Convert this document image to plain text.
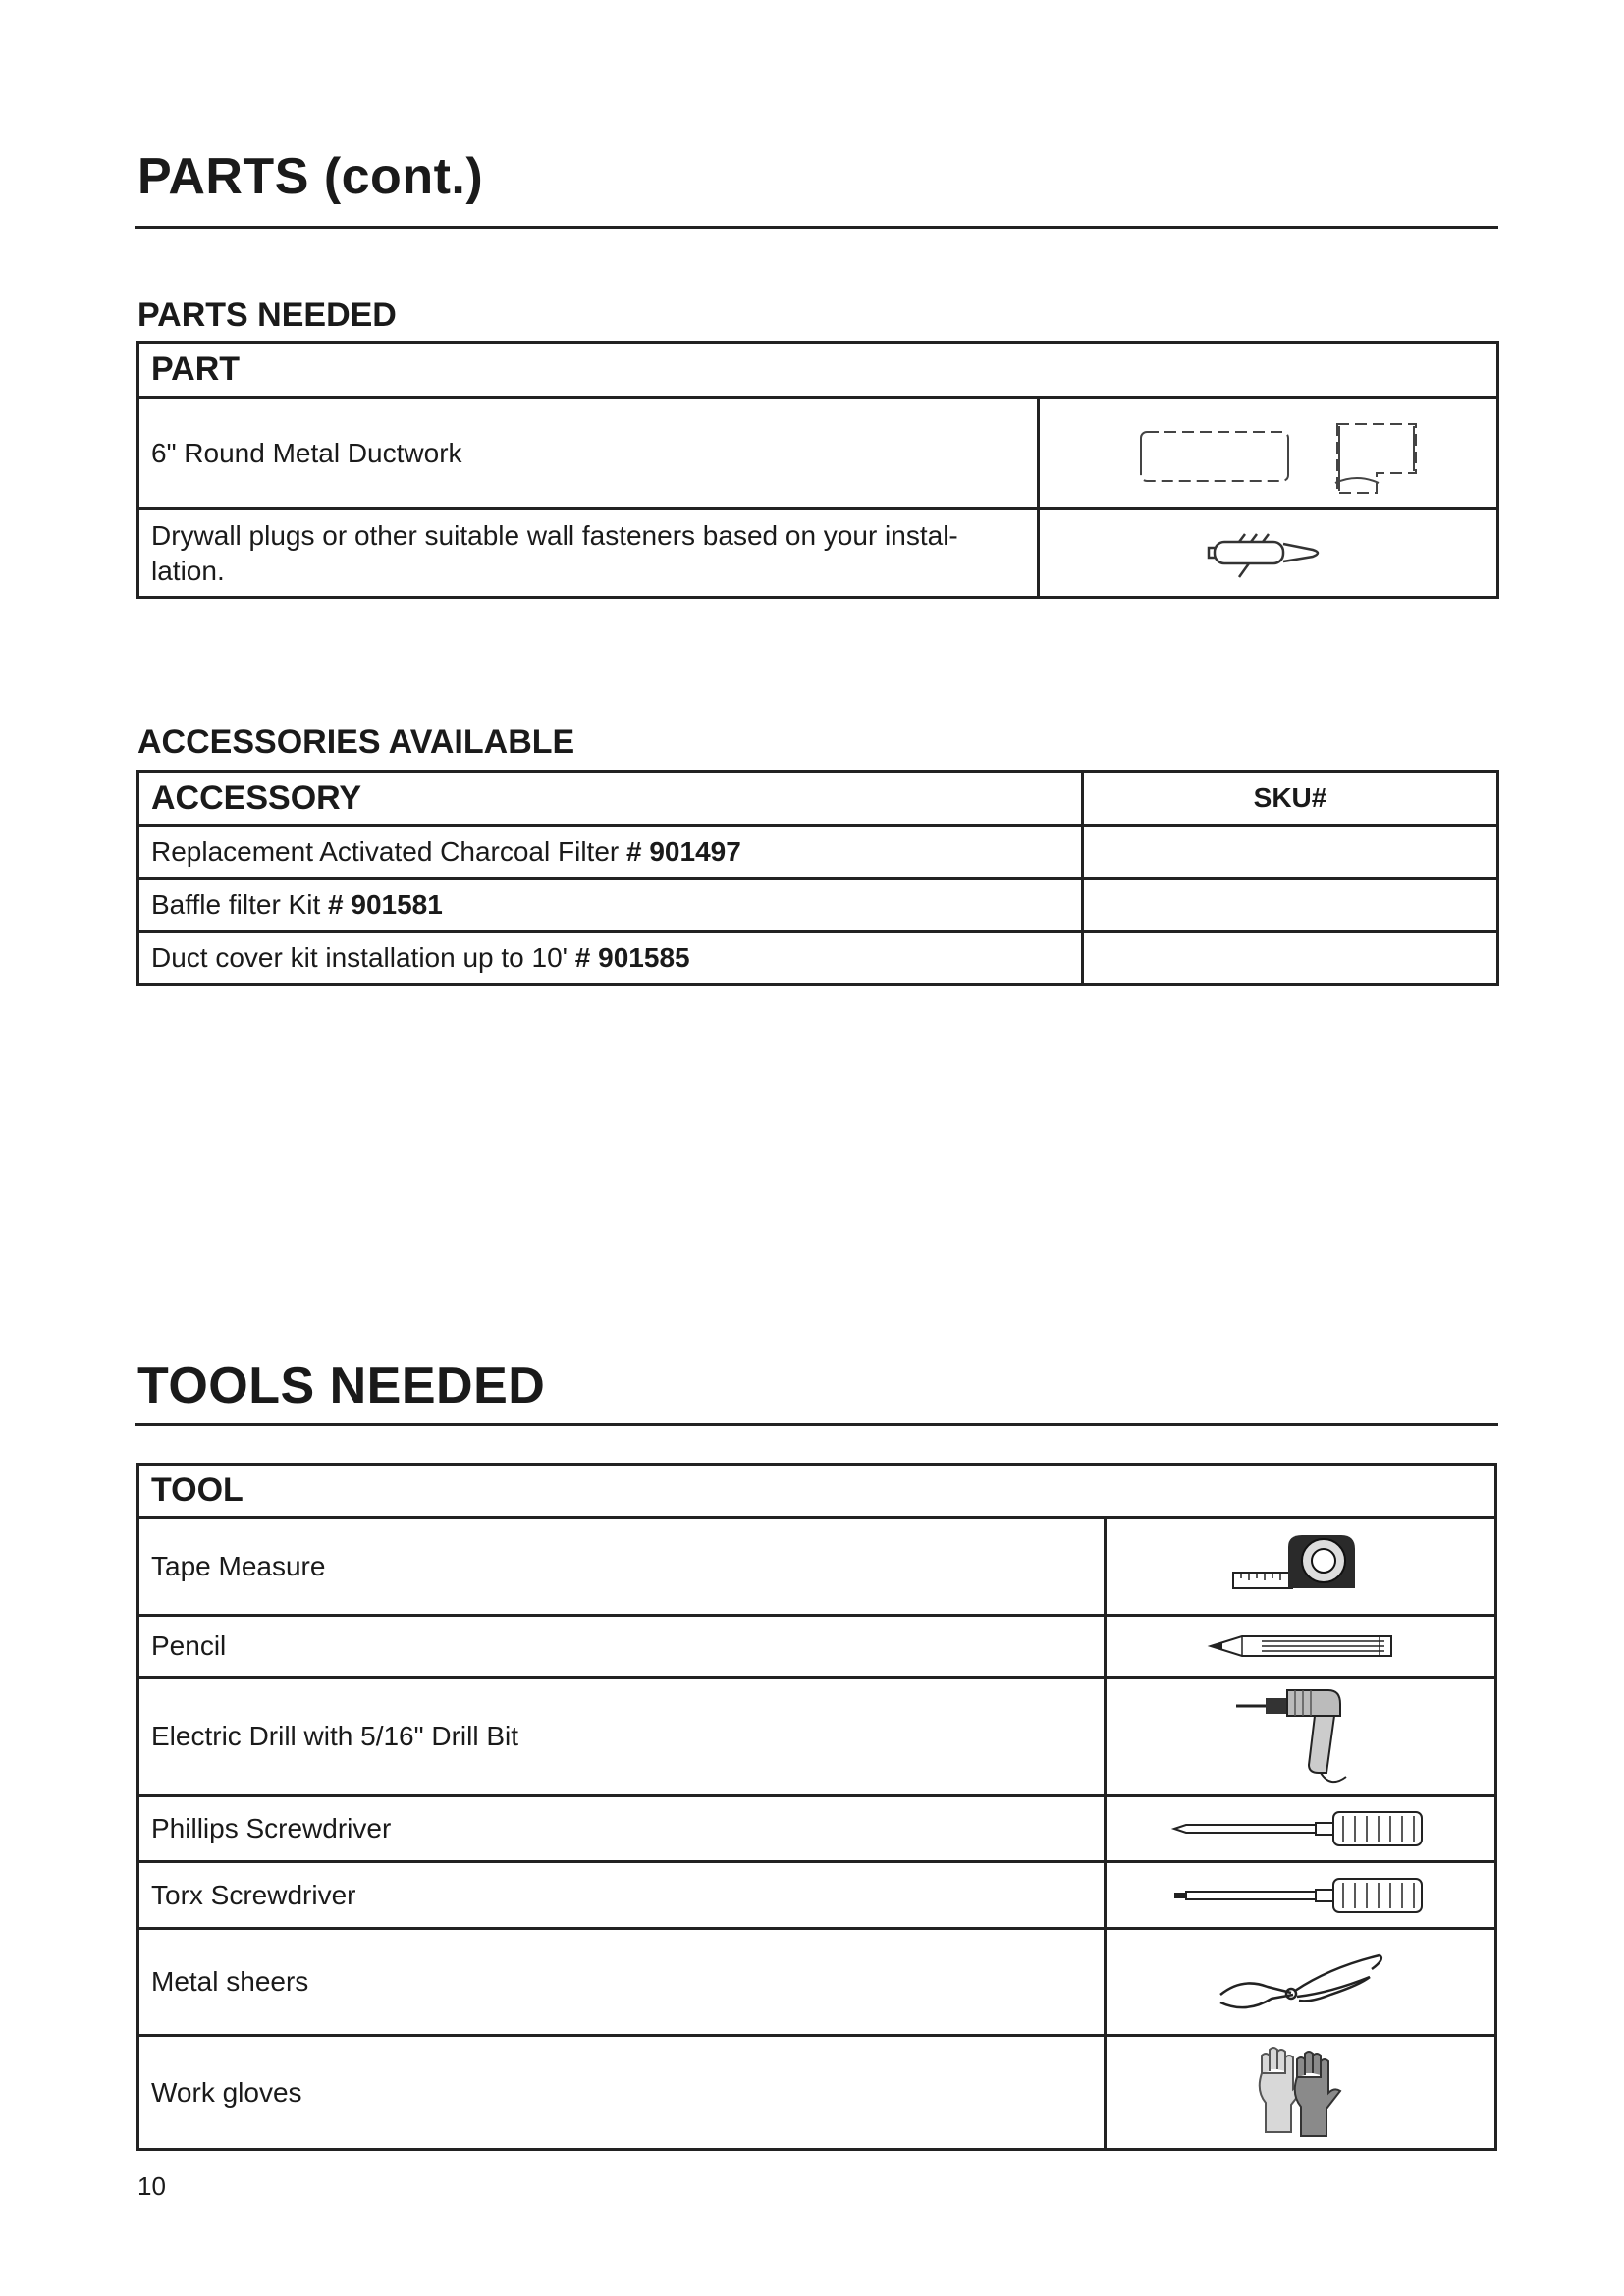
PARTS (cont.)
PARTS NEEDED
PART	
6" Round Metal Ductwork	
Drywall plugs or other suitable wall fasteners based on your instal- lation.	
ACCESSORIES AVAILABLE
ACCESSORY	SKU#
Replacement Activated Charcoal Filter # 901497	
Baffle filter Kit # 901581	
Duct cover kit installation up to 10' # 901585	
TOOLS NEEDED
TOOL	
Tape Measure	
Pencil	
Electric Drill with 5/16" Drill Bit	
Phillips Screwdriver	
Torx Screwdriver	
Metal sheers	
Work gloves	
10
